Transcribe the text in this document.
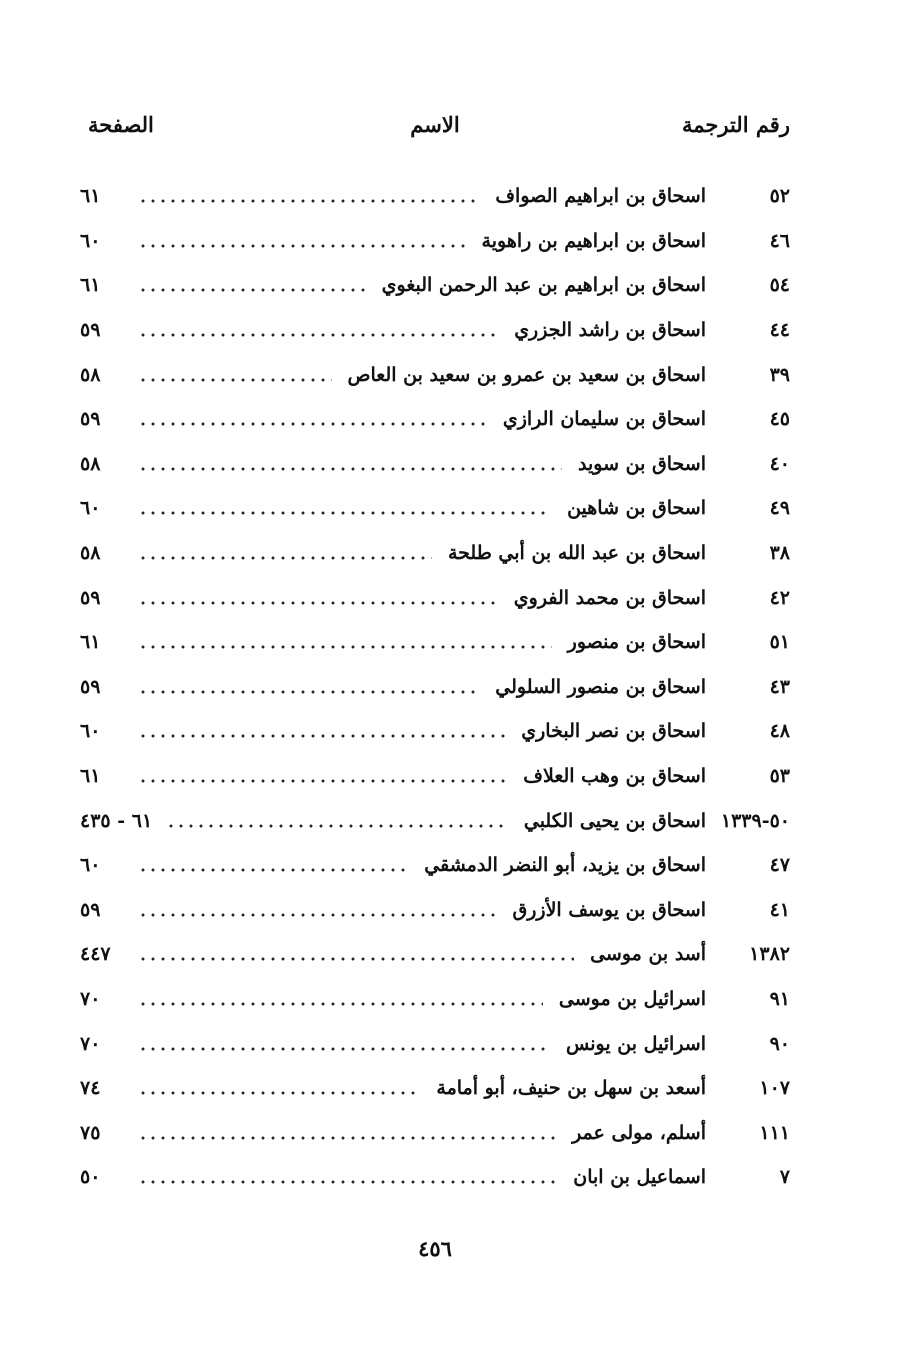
رقم الترجمة
الاسم
الصفحة
٥٢
اسحاق بن ابراهيم الصواف
٦١
٤٦
اسحاق بن ابراهيم بن راهوية
٦٠
٥٤
اسحاق بن ابراهيم بن عبد الرحمن البغوي
٦١
٤٤
اسحاق بن راشد الجزري
٥٩
٣٩
اسحاق بن سعيد بن عمرو بن سعيد بن العاص
٥٨
٤٥
اسحاق بن سليمان الرازي
٥٩
٤٠
اسحاق بن سويد
٥٨
٤٩
اسحاق بن شاهين
٦٠
٣٨
اسحاق بن عبد الله بن أبي طلحة
٥٨
٤٢
اسحاق بن محمد الفروي
٥٩
٥١
اسحاق بن منصور
٦١
٤٣
اسحاق بن منصور السلولي
٥٩
٤٨
اسحاق بن نصر البخاري
٦٠
٥٣
اسحاق بن وهب العلاف
٦١
٥٠-١٣٣٩
اسحاق بن يحيى الكلبي
٦١ - ٤٣٥
٤٧
اسحاق بن يزيد، أبو النضر الدمشقي
٦٠
٤١
اسحاق بن يوسف الأزرق
٥٩
١٣٨٢
أسد بن موسى
٤٤٧
٩١
اسرائيل بن موسى
٧٠
٩٠
اسرائيل بن يونس
٧٠
١٠٧
أسعد بن سهل بن حنيف، أبو أمامة
٧٤
١١١
أسلم، مولى عمر
٧٥
٧
اسماعيل بن ابان
٥٠
٤٥٦
